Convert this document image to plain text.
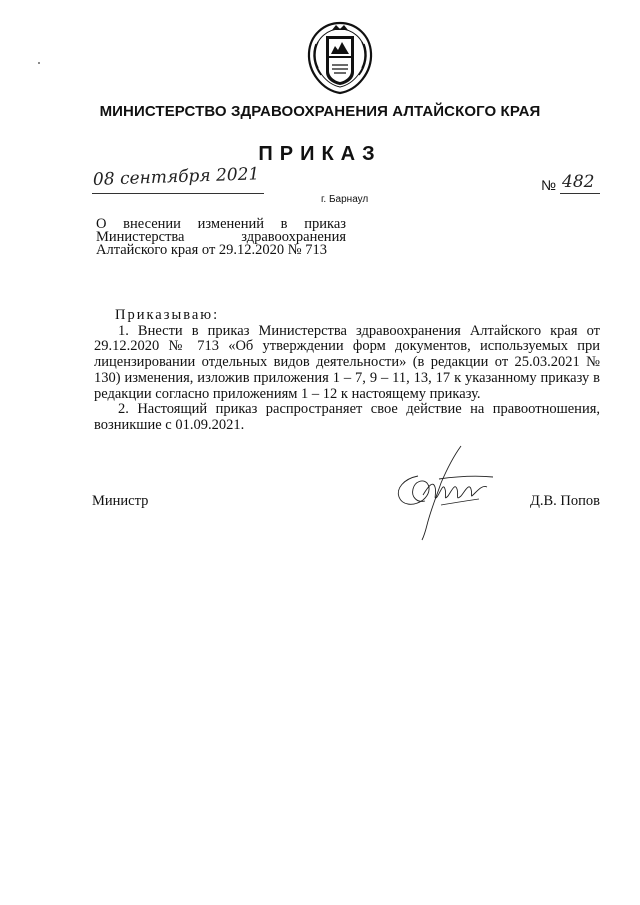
МИНИСТЕРСТВО ЗДРАВООХРАНЕНИЯ АЛТАЙСКОГО КРАЯ
ПРИКАЗ
08 сентября 2021
г. Барнаул
№ 482
О внесении изменений в приказ
Министерства здравоохранения
Алтайского края от 29.12.2020 № 713
Приказываю:

1. Внести в приказ Министерства здравоохранения Алтайского края от 29.12.2020 № 713 «Об утверждении форм документов, используемых при лицензировании отдельных видов деятельности» (в редакции от 25.03.2021 № 130) изменения, изложив приложения 1 – 7, 9 – 11, 13, 17 к указанному приказу в редакции согласно приложениям 1 – 12 к настоящему приказу.

2. Настоящий приказ распространяет свое действие на правоотношения, возникшие с 01.09.2021.

Министр	Д.В. Попов
